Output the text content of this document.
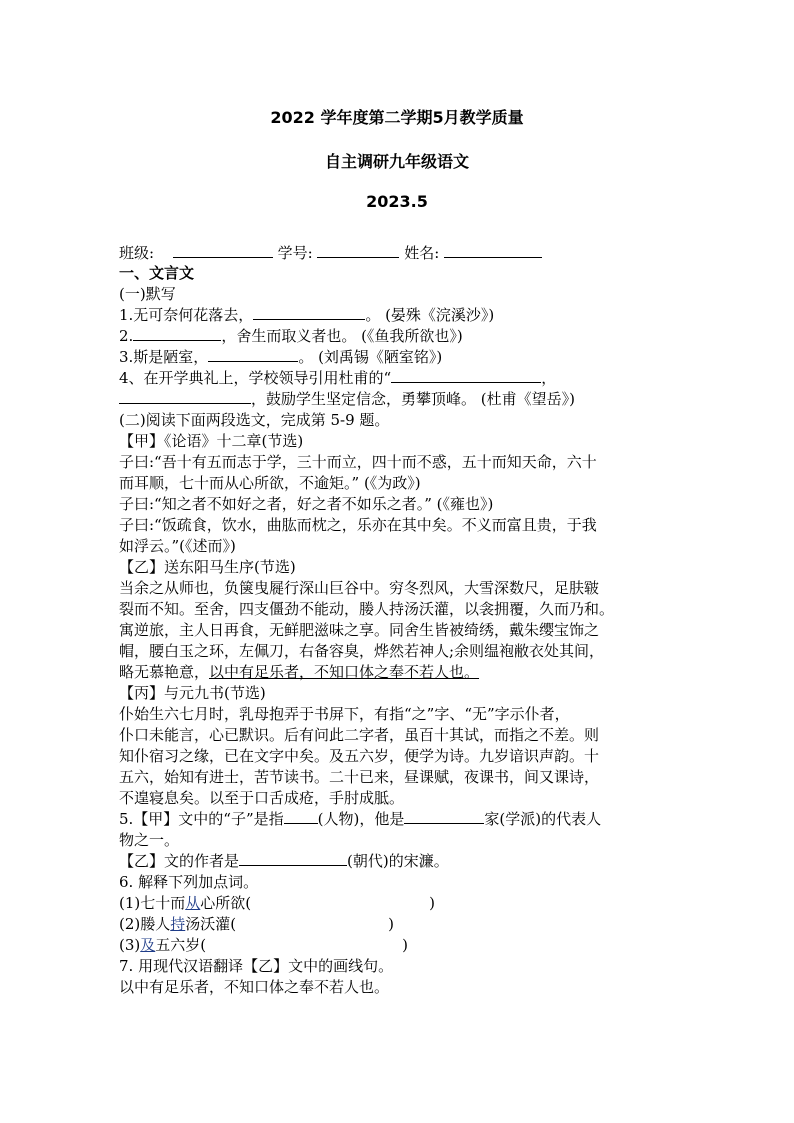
2022 学年度第二学期5月教学质量
自主调研九年级语文
2023.5
班级:	学号:	姓名:
一、文言文
(一)默写
1.无可奈何花落去，	。 (晏殊《浣溪沙》)
2.	，舍生而取义者也。 (《鱼我所欲也》)
3.斯是陋室，	。 (刘禹锡《陋室铭》)
4、在开学典礼上，学校领导引用杜甫的“	，
，鼓励学生坚定信念，勇攀顶峰。 (杜甫《望岳》)
(二)阅读下面两段选文，完成第 5-9 题。
【甲】《论语》十二章(节选)
子曰:“吾十有五而志于学，三十而立，四十而不惑，五十而知天命，六十
而耳顺，七十而从心所欲，不逾矩。” (《为政》)
子曰:“知之者不如好之者，好之者不如乐之者。” (《雍也》)
子曰:“饭疏食，饮水，曲肱而枕之，乐亦在其中矣。不义而富且贵，于我
如浮云。”(《述而》)
【乙】送东阳马生序(节选)
当余之从师也，负箧曳屣行深山巨谷中。穷冬烈风，大雪深数尺，足肤皲
裂而不知。至舍，四支僵劲不能动，媵人持汤沃灌，以衾拥覆，久而乃和。
寓逆旅，主人日再食，无鲜肥滋味之享。同舍生皆被绮绣，戴朱缨宝饰之
帽，腰白玉之环，左佩刀，右备容臭，烨然若神人;余则缊袍敝衣处其间，
略无慕艳意，以中有足乐者，不知口体之奉不若人也。
【丙】与元九书(节选)
仆始生六七月时，乳母抱弄于书屏下，有指“之”字、“无”字示仆者，
仆口未能言，心已默识。后有问此二字者，虽百十其试，而指之不差。则
知仆宿习之缘，已在文字中矣。及五六岁，便学为诗。九岁谙识声韵。十
五六，始知有进士，苦节读书。二十已来，昼课赋，夜课书，间又课诗，
不遑寝息矣。以至于口舌成疮，手肘成胝。
5.【甲】文中的“子”是指 (人物)，他是	家(学派)的代表人
物之一。
【乙】文的作者是	(朝代)的宋濂。
6. 解释下列加点词。
(1)七十而从心所欲(	)
(2)媵人持汤沃灌(	)
(3)及五六岁(	)
7. 用现代汉语翻译【乙】文中的画线句。
以中有足乐者，不知口体之奉不若人也。
